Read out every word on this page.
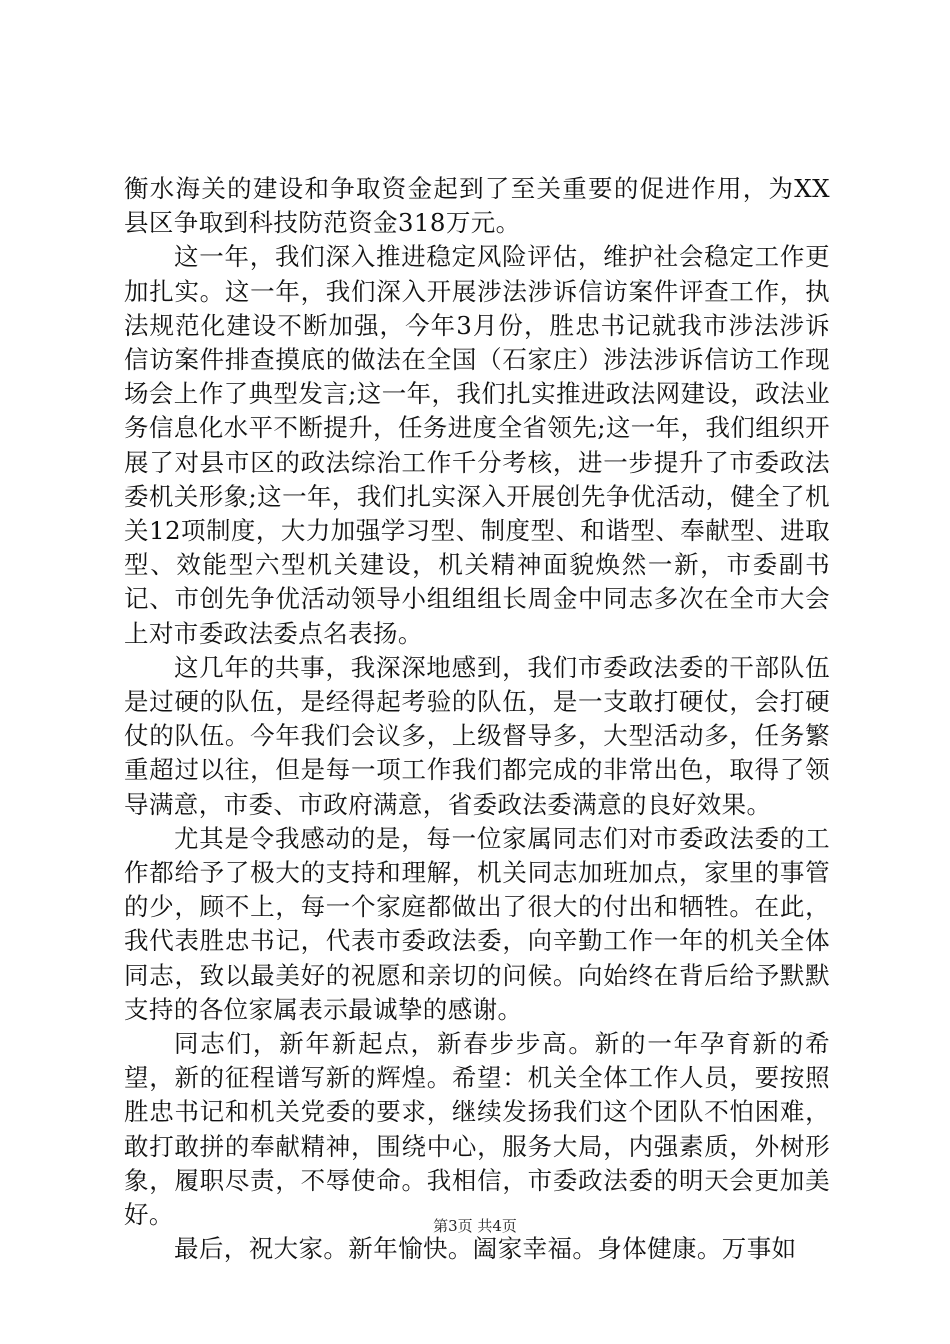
衡水海关的建设和争取资金起到了至关重要的促进作用，为XX县区争取到科技防范资金318万元。

这一年，我们深入推进稳定风险评估，维护社会稳定工作更加扎实。这一年，我们深入开展涉法涉诉信访案件评查工作，执法规范化建设不断加强，今年3月份，胜忠书记就我市涉法涉诉信访案件排查摸底的做法在全国（石家庄）涉法涉诉信访工作现场会上作了典型发言;这一年，我们扎实推进政法网建设，政法业务信息化水平不断提升，任务进度全省领先;这一年，我们组织开展了对县市区的政法综治工作千分考核，进一步提升了市委政法委机关形象;这一年，我们扎实深入开展创先争优活动，健全了机关12项制度，大力加强学习型、制度型、和谐型、奉献型、进取型、效能型六型机关建设，机关精神面貌焕然一新，市委副书记、市创先争优活动领导小组组组长周金中同志多次在全市大会上对市委政法委点名表扬。

这几年的共事，我深深地感到，我们市委政法委的干部队伍是过硬的队伍，是经得起考验的队伍，是一支敢打硬仗，会打硬仗的队伍。今年我们会议多，上级督导多，大型活动多，任务繁重超过以往，但是每一项工作我们都完成的非常出色，取得了领导满意，市委、市政府满意，省委政法委满意的良好效果。

尤其是令我感动的是，每一位家属同志们对市委政法委的工作都给予了极大的支持和理解，机关同志加班加点，家里的事管的少，顾不上，每一个家庭都做出了很大的付出和牺牲。在此，我代表胜忠书记，代表市委政法委，向辛勤工作一年的机关全体同志，致以最美好的祝愿和亲切的问候。向始终在背后给予默默支持的各位家属表示最诚挚的感谢。

同志们，新年新起点，新春步步高。新的一年孕育新的希望，新的征程谱写新的辉煌。希望：机关全体工作人员，要按照胜忠书记和机关党委的要求，继续发扬我们这个团队不怕困难，敢打敢拼的奉献精神，围绕中心，服务大局，内强素质，外树形象，履职尽责，不辱使命。我相信，市委政法委的明天会更加美好。

最后，祝大家。新年愉快。阖家幸福。身体健康。万事如

第3页 共4页
